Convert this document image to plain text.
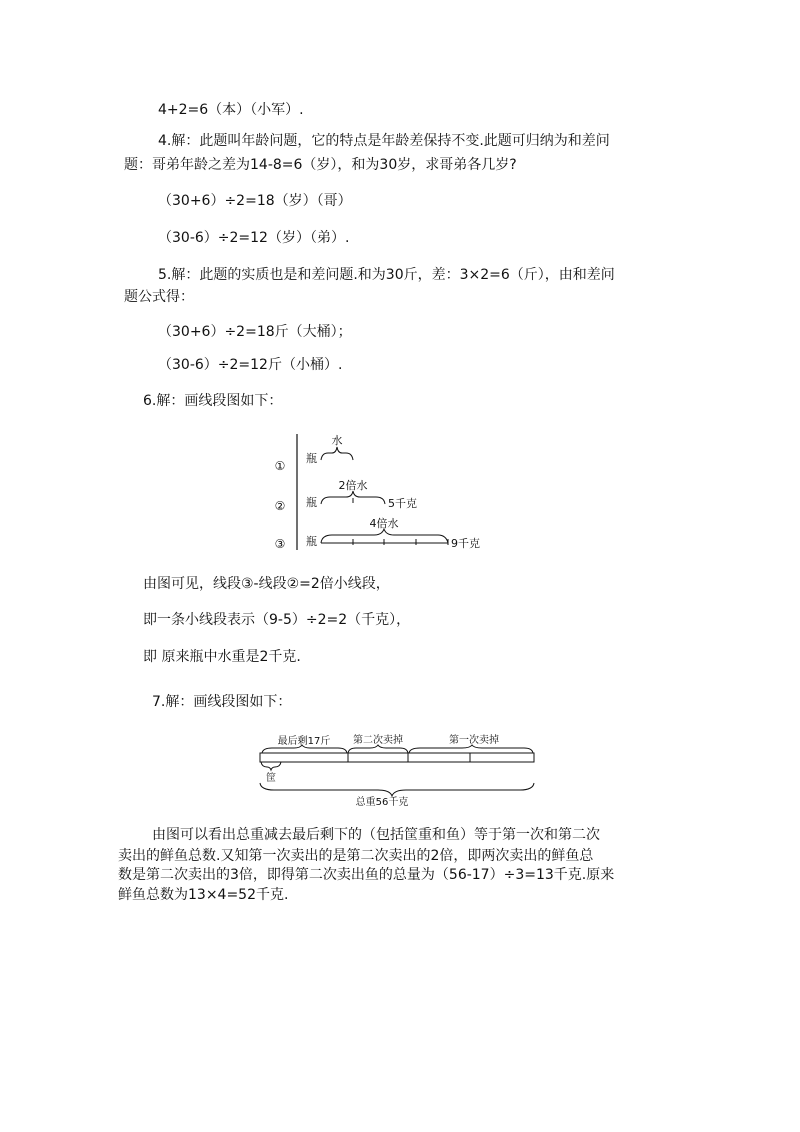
4+2=6（本）（小军）.
4.解：此题叫年龄问题，它的特点是年龄差保持不变.此题可归纳为和差问
题：哥弟年龄之差为14-8=6（岁），和为30岁，求哥弟各几岁?
（30+6）÷2=18（岁）（哥）
（30-6）÷2=12（岁）（弟）.
5.解：此题的实质也是和差问题.和为30斤，差：3×2=6（斤），由和差问
题公式得：
（30+6）÷2=18斤（大桶）；
（30-6）÷2=12斤（小桶）.
6.解：画线段图如下：
①
②
③
瓶
水
瓶
2倍水
5千克
瓶
4倍水
9千克
由图可见，线段③-线段②=2倍小线段，
即一条小线段表示（9-5）÷2=2（千克），
即 原来瓶中水重是2千克.
7.解：画线段图如下：
最后剩17斤 第二次卖掉	第一次卖掉
筐
总重56千克
由图可以看出总重减去最后剩下的（包括筐重和鱼）等于第一次和第二次
卖出的鲜鱼总数.又知第一次卖出的是第二次卖出的2倍，即两次卖出的鲜鱼总
数是第二次卖出的3倍，即得第二次卖出鱼的总量为（56-17）÷3=13千克.原来
鲜鱼总数为13×4=52千克.
